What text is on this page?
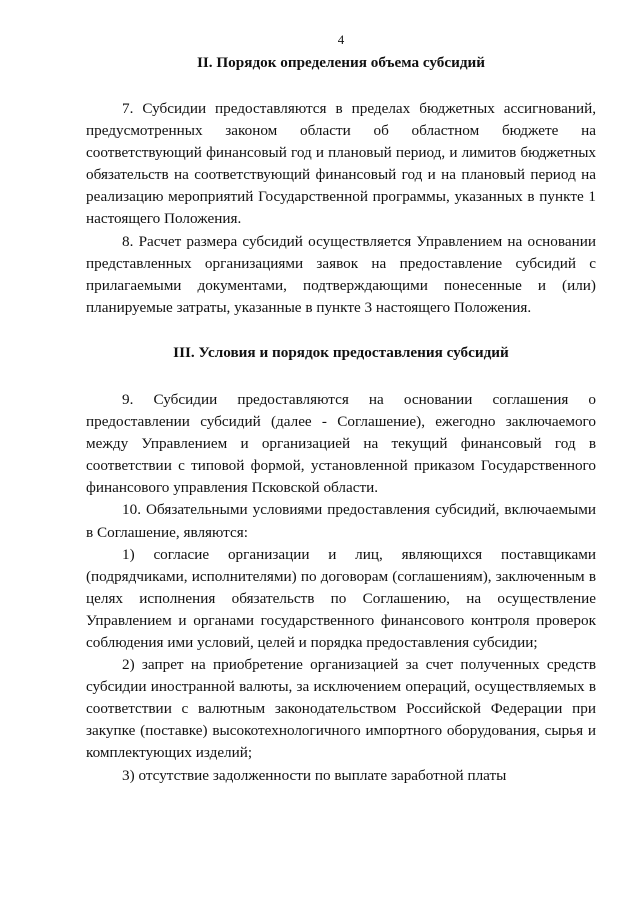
4
II. Порядок определения объема субсидий

7. Субсидии предоставляются в пределах бюджетных ассигнований, предусмотренных законом области об областном бюджете на соответствующий финансовый год и плановый период, и лимитов бюджетных обязательств на соответствующий финансовый год и на плановый период на реализацию мероприятий Государственной программы, указанных в пункте 1 настоящего Положения.

8. Расчет размера субсидий осуществляется Управлением на основании представленных организациями заявок на предоставление субсидий с прилагаемыми документами, подтверждающими понесенные и (или) планируемые затраты, указанные в пункте 3 настоящего Положения.

III. Условия и порядок предоставления субсидий

9. Субсидии предоставляются на основании соглашения о предоставлении субсидий (далее - Соглашение), ежегодно заключаемого между Управлением и организацией на текущий финансовый год в соответствии с типовой формой, установленной приказом Государственного финансового управления Псковской области.

10. Обязательными условиями предоставления субсидий, включаемыми в Соглашение, являются:

1) согласие организации и лиц, являющихся поставщиками (подрядчиками, исполнителями) по договорам (соглашениям), заключенным в целях исполнения обязательств по Соглашению, на осуществление Управлением и органами государственного финансового контроля проверок соблюдения ими условий, целей и порядка предоставления субсидии;

2) запрет на приобретение организацией за счет полученных средств субсидии иностранной валюты, за исключением операций, осуществляемых в соответствии с валютным законодательством Российской Федерации при закупке (поставке) высокотехнологичного импортного оборудования, сырья и комплектующих изделий;

3) отсутствие задолженности по выплате заработной платы
